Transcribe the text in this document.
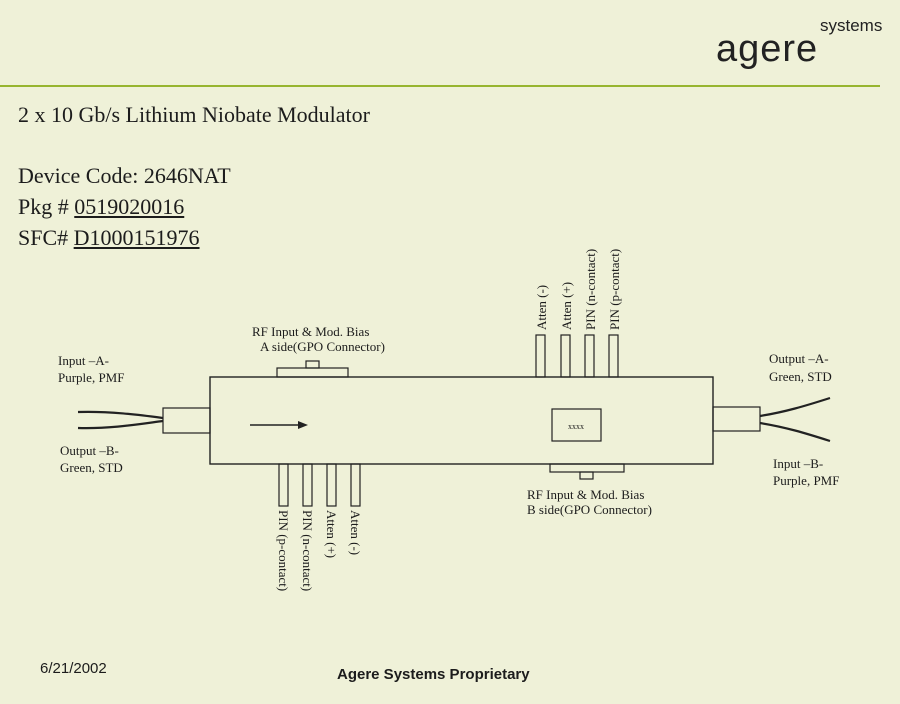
agere
systems
2 x 10 Gb/s Lithium Niobate Modulator
Device Code: 2646NAT
Pkg # 0519020016
SFC# D1000151976
xxxx
Atten (-) Atten (+) PIN (n-contact) PIN (p-contact)
PIN (p-contact) PIN (n-contact) Atten (+) Atten (-)
RF Input & Mod. Bias
A side(GPO Connector)
RF Input & Mod. Bias
B side(GPO Connector)
Input –A-
Purple, PMF
Output –B-
Green, STD
Output –A-
Green, STD
Input –B-
Purple, PMF
6/21/2002	Agere Systems Proprietary
